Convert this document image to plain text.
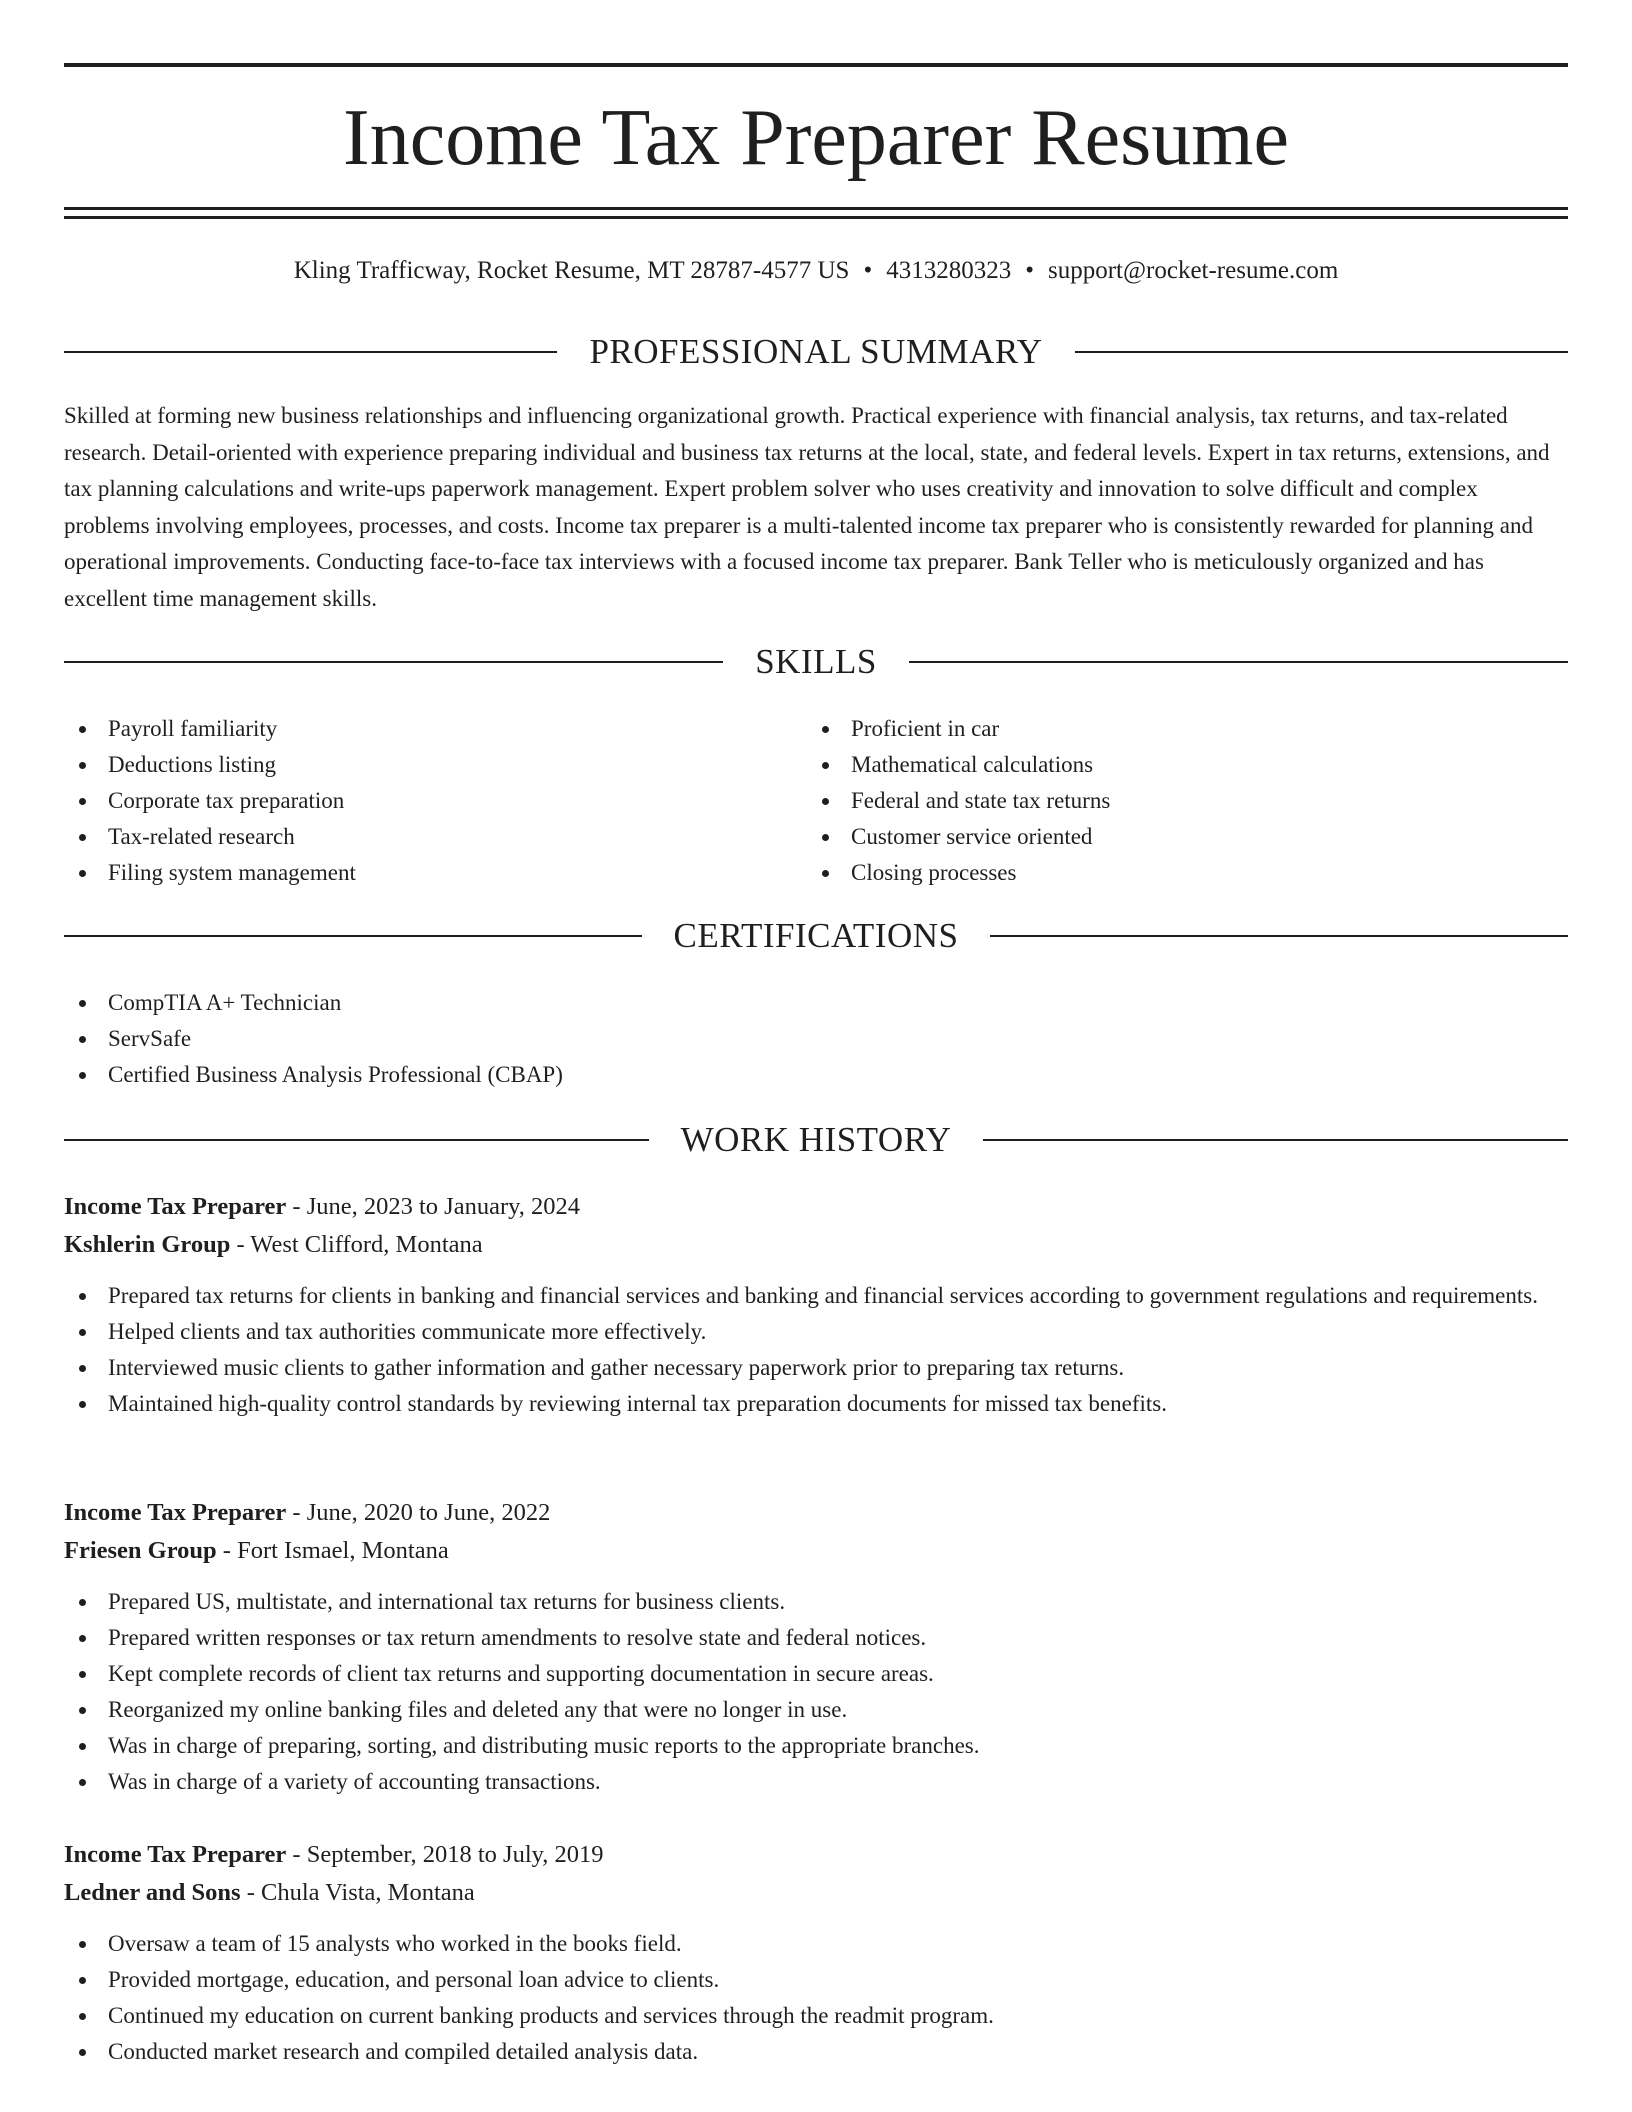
Income Tax Preparer Resume
Kling Trafficway, Rocket Resume, MT 28787-4577 US • 4313280323 • support@rocket-resume.com
PROFESSIONAL SUMMARY

Skilled at forming new business relationships and influencing organizational growth. Practical experience with financial analysis, tax returns, and tax-related research. Detail-oriented with experience preparing individual and business tax returns at the local, state, and federal levels. Expert in tax returns, extensions, and tax planning calculations and write-ups paperwork management. Expert problem solver who uses creativity and innovation to solve difficult and complex problems involving employees, processes, and costs. Income tax preparer is a multi-talented income tax preparer who is consistently rewarded for planning and operational improvements. Conducting face-to-face tax interviews with a focused income tax preparer. Bank Teller who is meticulously organized and has excellent time management skills.

SKILLS
Payroll familiarity
Deductions listing
Corporate tax preparation
Tax-related research
Filing system management
Proficient in car
Mathematical calculations
Federal and state tax returns
Customer service oriented
Closing processes
CERTIFICATIONS
CompTIA A+ Technician
ServSafe
Certified Business Analysis Professional (CBAP)
WORK HISTORY
Income Tax Preparer - June, 2023 to January, 2024
Kshlerin Group - West Clifford, Montana
Prepared tax returns for clients in banking and financial services and banking and financial services according to government regulations and requirements.
Helped clients and tax authorities communicate more effectively.
Interviewed music clients to gather information and gather necessary paperwork prior to preparing tax returns.
Maintained high-quality control standards by reviewing internal tax preparation documents for missed tax benefits.
Income Tax Preparer - June, 2020 to June, 2022
Friesen Group - Fort Ismael, Montana
Prepared US, multistate, and international tax returns for business clients.
Prepared written responses or tax return amendments to resolve state and federal notices.
Kept complete records of client tax returns and supporting documentation in secure areas.
Reorganized my online banking files and deleted any that were no longer in use.
Was in charge of preparing, sorting, and distributing music reports to the appropriate branches.
Was in charge of a variety of accounting transactions.
Income Tax Preparer - September, 2018 to July, 2019
Ledner and Sons - Chula Vista, Montana
Oversaw a team of 15 analysts who worked in the books field.
Provided mortgage, education, and personal loan advice to clients.
Continued my education on current banking products and services through the readmit program.
Conducted market research and compiled detailed analysis data.
